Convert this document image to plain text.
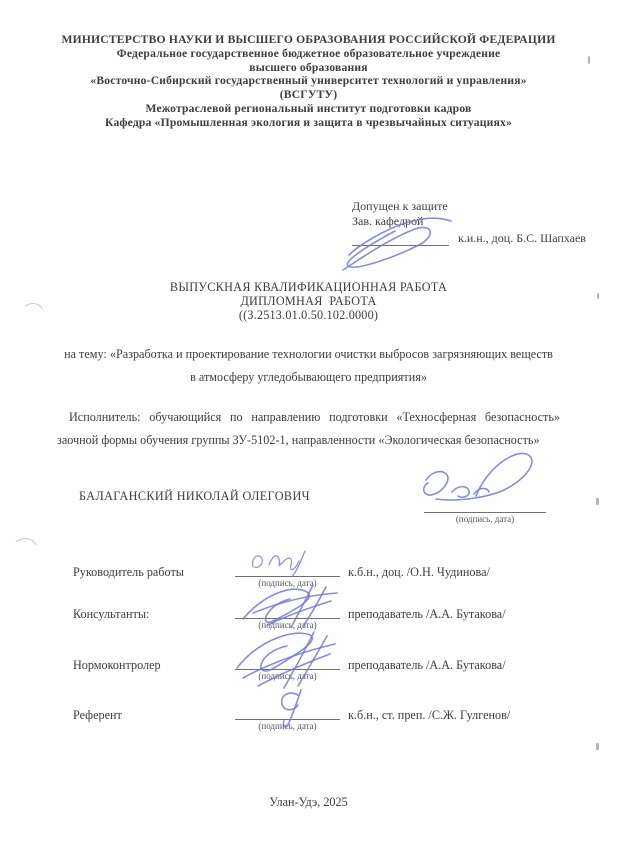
МИНИСТЕРСТВО НАУКИ И ВЫСШЕГО ОБРАЗОВАНИЯ РОССИЙСКОЙ ФЕДЕРАЦИИ
Федеральное государственное бюджетное образовательное учреждение
высшего образования
«Восточно-Сибирский государственный университет технологий и управления»
(ВСГУТУ)
Межотраслевой региональный институт подготовки кадров
Кафедра «Промышленная экология и защита в чрезвычайных ситуациях»
Допущен к защите
Зав. кафедрой
к.и.н., доц. Б.С. Шапхаев
ВЫПУСКНАЯ КВАЛИФИКАЦИОННАЯ РАБОТА
ДИПЛОМНАЯ  РАБОТА
((З.2513.01.0.50.102.0000)
на тему: «Разработка и проектирование технологии очистки выбросов загрязняющих веществ
в атмосферу угледобывающего предприятия»
Исполнитель: обучающийся по направлению подготовки «Техносферная безопасность»
заочной формы обучения группы ЗУ-5102-1, направленности «Экологическая безопасность»
БАЛАГАНСКИЙ НИКОЛАЙ ОЛЕГОВИЧ
(подпись, дата)
Руководитель работы
(подпись, дата)
к.б.н., доц. /О.Н. Чудинова/
Консультанты:
(подпись, дата)
преподаватель /А.А. Бутакова/
Нормоконтролер
(подпись, дата)
преподаватель /А.А. Бутакова/
Референт
(подпись, дата)
к.б.н., ст. преп. /С.Ж. Гулгенов/
Улан-Удэ, 2025
